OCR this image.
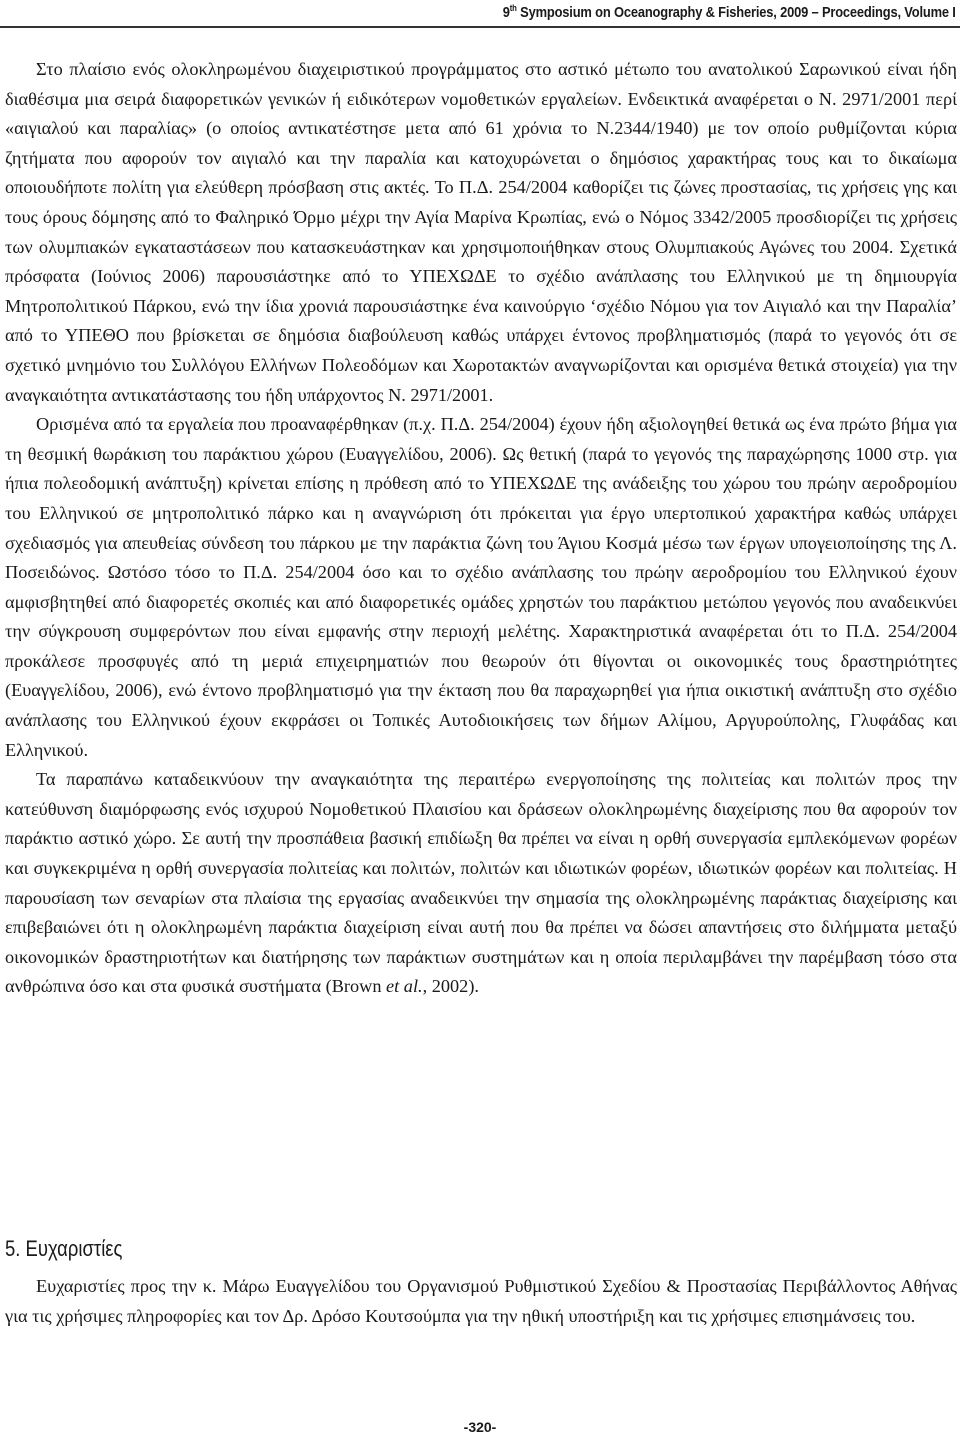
9th Symposium on Oceanography & Fisheries, 2009 – Proceedings, Volume I

Στο πλαίσιο ενός ολοκληρωμένου διαχειριστικού προγράμματος στο αστικό μέτωπο του ανατολικού Σαρωνικού είναι ήδη διαθέσιμα μια σειρά διαφορετικών γενικών ή ειδικότερων νομοθετικών εργαλείων. Ενδεικτικά αναφέρεται ο Ν. 2971/2001 περί «αιγιαλού και παραλίας» (ο οποίος αντικατέστησε μετα από 61 χρόνια το Ν.2344/1940) με τον οποίο ρυθμίζονται κύρια ζητήματα που αφορούν τον αιγιαλό και την παραλία και κατοχυρώνεται ο δημόσιος χαρακτήρας τους και το δικαίωμα οποιουδήποτε πολίτη για ελεύθερη πρόσβαση στις ακτές. Το Π.Δ. 254/2004 καθορίζει τις ζώνες προστασίας, τις χρήσεις γης και τους όρους δόμησης από το Φαληρικό Όρμο μέχρι την Αγία Μαρίνα Κρωπίας, ενώ ο Νόμος 3342/2005 προσδιορίζει τις χρήσεις των ολυμπιακών εγκαταστάσεων που κατασκευάστηκαν και χρησιμοποιήθηκαν στους Ολυμπιακούς Αγώνες του 2004. Σχετικά πρόσφατα (Ιούνιος 2006) παρουσιάστηκε από το ΥΠΕΧΩΔΕ το σχέδιο ανάπλασης του Ελληνικού με τη δημιουργία Μητροπολιτικού Πάρκου, ενώ την ίδια χρονιά παρουσιάστηκε ένα καινούργιο ‘σχέδιο Νόμου για τον Αιγιαλό και την Παραλία’ από το ΥΠΕΘΟ που βρίσκεται σε δημόσια διαβούλευση καθώς υπάρχει έντονος προβληματισμός (παρά το γεγονός ότι σε σχετικό μνημόνιο του Συλλόγου Ελλήνων Πολεοδόμων και Χωροτακτών αναγνωρίζονται και ορισμένα θετικά στοιχεία) για την αναγκαιότητα αντικατάστασης του ήδη υπάρχοντος Ν. 2971/2001.

Ορισμένα από τα εργαλεία που προαναφέρθηκαν (π.χ. Π.Δ. 254/2004) έχουν ήδη αξιολογηθεί θετικά ως ένα πρώτο βήμα για τη θεσμική θωράκιση του παράκτιου χώρου (Ευαγγελίδου, 2006). Ως θετική (παρά το γεγονός της παραχώρησης 1000 στρ. για ήπια πολεοδομική ανάπτυξη) κρίνεται επίσης η πρόθεση από το ΥΠΕΧΩΔΕ της ανάδειξης του χώρου του πρώην αεροδρομίου του Ελληνικού σε μητροπολιτικό πάρκο και η αναγνώριση ότι πρόκειται για έργο υπερτοπικού χαρακτήρα καθώς υπάρχει σχεδιασμός για απευθείας σύνδεση του πάρκου με την παράκτια ζώνη του Άγιου Κοσμά μέσω των έργων υπογειοποίησης της Λ. Ποσειδώνος. Ωστόσο τόσο το Π.Δ. 254/2004 όσο και το σχέδιο ανάπλασης του πρώην αεροδρομίου του Ελληνικού έχουν αμφισβητηθεί από διαφορετές σκοπιές και από διαφορετικές ομάδες χρηστών του παράκτιου μετώπου γεγονός που αναδεικνύει την σύγκρουση συμφερόντων που είναι εμφανής στην περιοχή μελέτης. Χαρακτηριστικά αναφέρεται ότι το Π.Δ. 254/2004 προκάλεσε προσφυγές από τη μεριά επιχειρηματιών που θεωρούν ότι θίγονται οι οικονομικές τους δραστηριότητες (Ευαγγελίδου, 2006), ενώ έντονο προβληματισμό για την έκταση που θα παραχωρηθεί για ήπια οικιστική ανάπτυξη στο σχέδιο ανάπλασης του Ελληνικού έχουν εκφράσει οι Τοπικές Αυτοδιοικήσεις των δήμων Αλίμου, Αργυρούπολης, Γλυφάδας και Ελληνικού.

Τα παραπάνω καταδεικνύουν την αναγκαιότητα της περαιτέρω ενεργοποίησης της πολιτείας και πολιτών προς την κατεύθυνση διαμόρφωσης ενός ισχυρού Νομοθετικού Πλαισίου και δράσεων ολοκληρωμένης διαχείρισης που θα αφορούν τον παράκτιο αστικό χώρο. Σε αυτή την προσπάθεια βασική επιδίωξη θα πρέπει να είναι η ορθή συνεργασία εμπλεκόμενων φορέων και συγκεκριμένα η ορθή συνεργασία πολιτείας και πολιτών, πολιτών και ιδιωτικών φορέων, ιδιωτικών φορέων και πολιτείας. Η παρουσίαση των σεναρίων στα πλαίσια της εργασίας αναδεικνύει την σημασία της ολοκληρωμένης παράκτιας διαχείρισης και επιβεβαιώνει ότι η ολοκληρωμένη παράκτια διαχείριση είναι αυτή που θα πρέπει να δώσει απαντήσεις στο διλήμματα μεταξύ οικονομικών δραστηριοτήτων και διατήρησης των παράκτιων συστημάτων και η οποία περιλαμβάνει την παρέμβαση τόσο στα ανθρώπινα όσο και στα φυσικά συστήματα (Brown et al., 2002).

5. Ευχαριστίες

Ευχαριστίες προς την κ. Μάρω Ευαγγελίδου του Οργανισμού Ρυθμιστικού Σχεδίου & Προστασίας Περιβάλλοντος Αθήνας για τις χρήσιμες πληροφορίες και τον Δρ. Δρόσο Κουτσούμπα για την ηθική υποστήριξη και τις χρήσιμες επισημάνσεις του.

-320-
